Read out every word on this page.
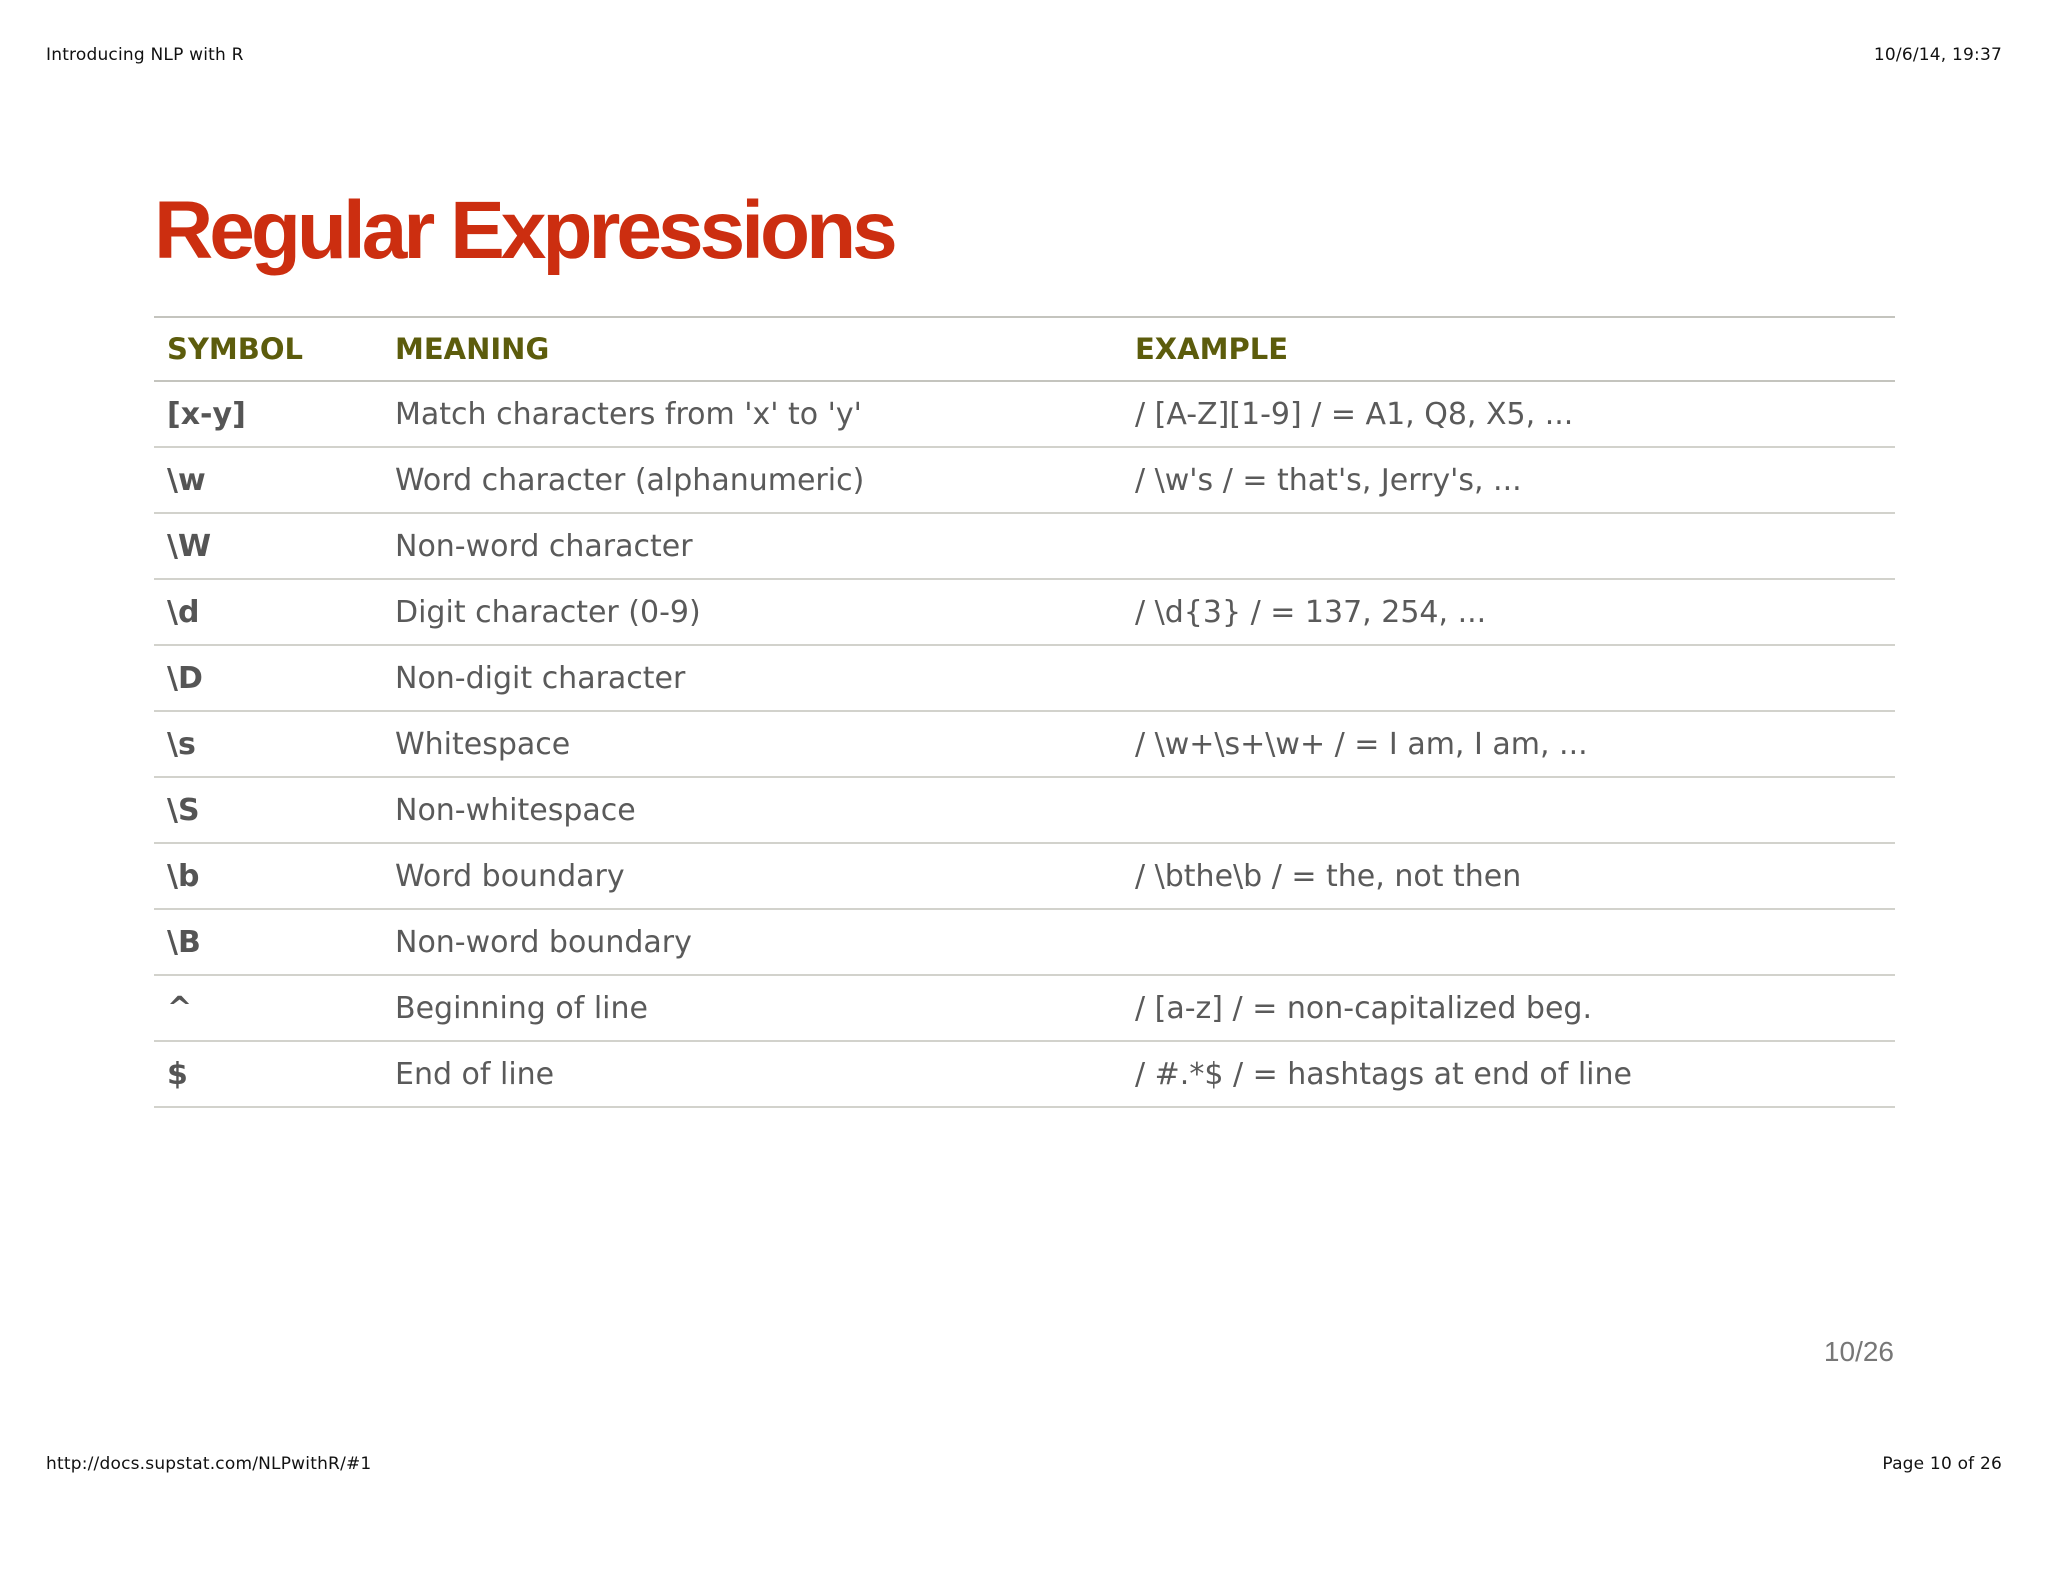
Introducing NLP with R	10/6/14, 19:37
Regular Expressions
SYMBOL	MEANING	EXAMPLE
[x-y]	Match characters from 'x' to 'y'	/ [A-Z][1-9] / = A1, Q8, X5, ...
\w	Word character (alphanumeric)	/ \w's / = that's, Jerry's, ...
\W	Non-word character	
\d	Digit character (0-9)	/ \d{3} / = 137, 254, ...
\D	Non-digit character	
\s	Whitespace	/ \w+\s+\w+ / = I am, I am, ...
\S	Non-whitespace	
\b	Word boundary	/ \bthe\b / = the, not then
\B	Non-word boundary	
^	Beginning of line	/ [a-z] / = non-capitalized beg.
$	End of line	/ #.*$ / = hashtags at end of line
10/26
http://docs.supstat.com/NLPwithR/#1	Page 10 of 26
